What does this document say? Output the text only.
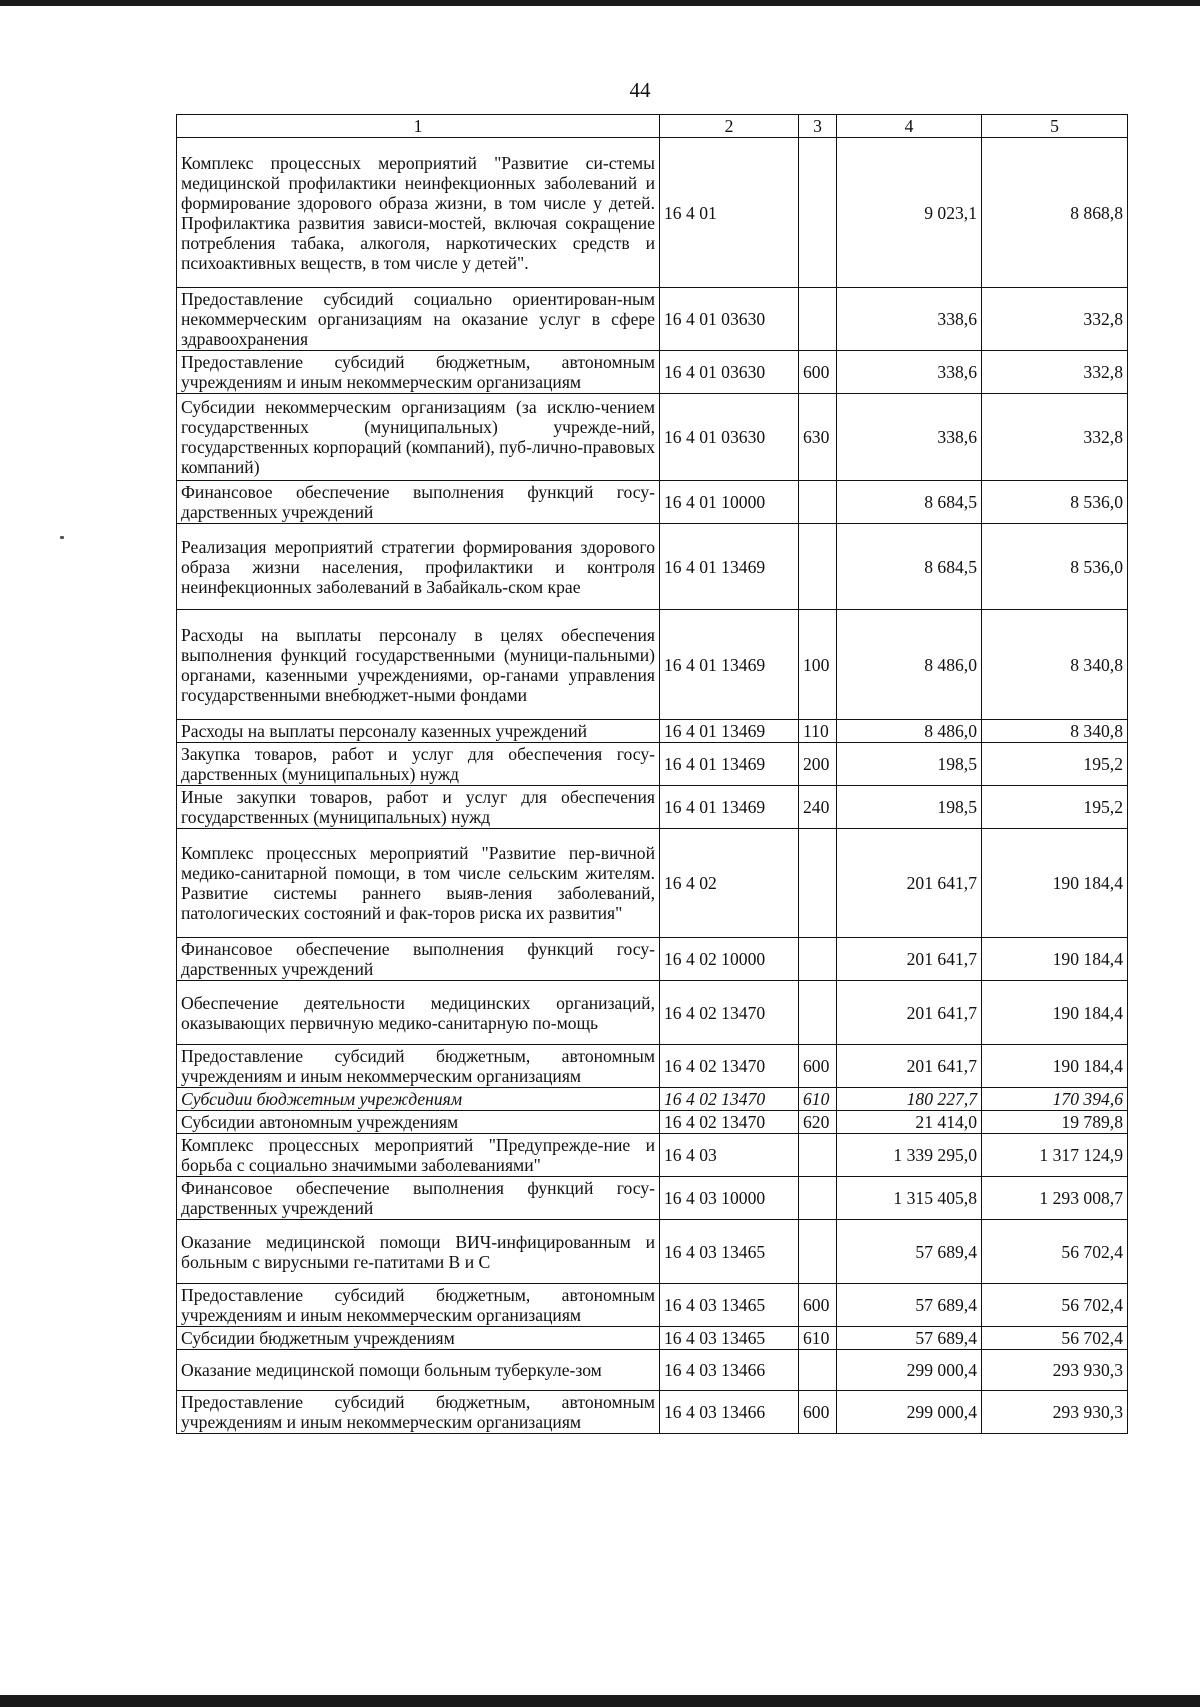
44
1	2	3	4	5
Комплекс процессных мероприятий "Развитие си-стемы медицинской профилактики неинфекционных заболеваний и формирование здорового образа жизни, в том числе у детей. Профилактика развития зависи-мостей, включая сокращение потребления табака, алкоголя, наркотических средств и психоактивных веществ, в том числе у детей".	16 4 01		9 023,1	8 868,8
Предоставление субсидий социально ориентирован-ным некоммерческим организациям на оказание услуг в сфере здравоохранения	16 4 01 03630		338,6	332,8
Предоставление субсидий бюджетным, автономным учреждениям и иным некоммерческим организациям	16 4 01 03630	600	338,6	332,8
Субсидии некоммерческим организациям (за исклю-чением государственных (муниципальных) учрежде-ний, государственных корпораций (компаний), пуб-лично-правовых компаний)	16 4 01 03630	630	338,6	332,8
Финансовое обеспечение выполнения функций госу-дарственных учреждений	16 4 01 10000		8 684,5	8 536,0
Реализация мероприятий стратегии формирования здорового образа жизни населения, профилактики и контроля неинфекционных заболеваний в Забайкаль-ском крае	16 4 01 13469		8 684,5	8 536,0
Расходы на выплаты персоналу в целях обеспечения выполнения функций государственными (муници-пальными) органами, казенными учреждениями, ор-ганами управления государственными внебюджет-ными фондами	16 4 01 13469	100	8 486,0	8 340,8
Расходы на выплаты персоналу казенных учреждений	16 4 01 13469	110	8 486,0	8 340,8
Закупка товаров, работ и услуг для обеспечения госу-дарственных (муниципальных) нужд	16 4 01 13469	200	198,5	195,2
Иные закупки товаров, работ и услуг для обеспечения государственных (муниципальных) нужд	16 4 01 13469	240	198,5	195,2
Комплекс процессных мероприятий "Развитие пер-вичной медико-санитарной помощи, в том числе сельским жителям. Развитие системы раннего выяв-ления заболеваний, патологических состояний и фак-торов риска их развития"	16 4 02		201 641,7	190 184,4
Финансовое обеспечение выполнения функций госу-дарственных учреждений	16 4 02 10000		201 641,7	190 184,4
Обеспечение деятельности медицинских организаций, оказывающих первичную медико-санитарную по-мощь	16 4 02 13470		201 641,7	190 184,4
Предоставление субсидий бюджетным, автономным учреждениям и иным некоммерческим организациям	16 4 02 13470	600	201 641,7	190 184,4
Субсидии бюджетным учреждениям	16 4 02 13470	610	180 227,7	170 394,6
Субсидии автономным учреждениям	16 4 02 13470	620	21 414,0	19 789,8
Комплекс процессных мероприятий "Предупрежде-ние и борьба с социально значимыми заболеваниями"	16 4 03		1 339 295,0	1 317 124,9
Финансовое обеспечение выполнения функций госу-дарственных учреждений	16 4 03 10000		1 315 405,8	1 293 008,7
Оказание медицинской помощи ВИЧ-инфицированным и больным с вирусными ге-патитами В и С	16 4 03 13465		57 689,4	56 702,4
Предоставление субсидий бюджетным, автономным учреждениям и иным некоммерческим организациям	16 4 03 13465	600	57 689,4	56 702,4
Субсидии бюджетным учреждениям	16 4 03 13465	610	57 689,4	56 702,4
Оказание медицинской помощи больным туберкуле-зом	16 4 03 13466		299 000,4	293 930,3
Предоставление субсидий бюджетным, автономным учреждениям и иным некоммерческим организациям	16 4 03 13466	600	299 000,4	293 930,3
